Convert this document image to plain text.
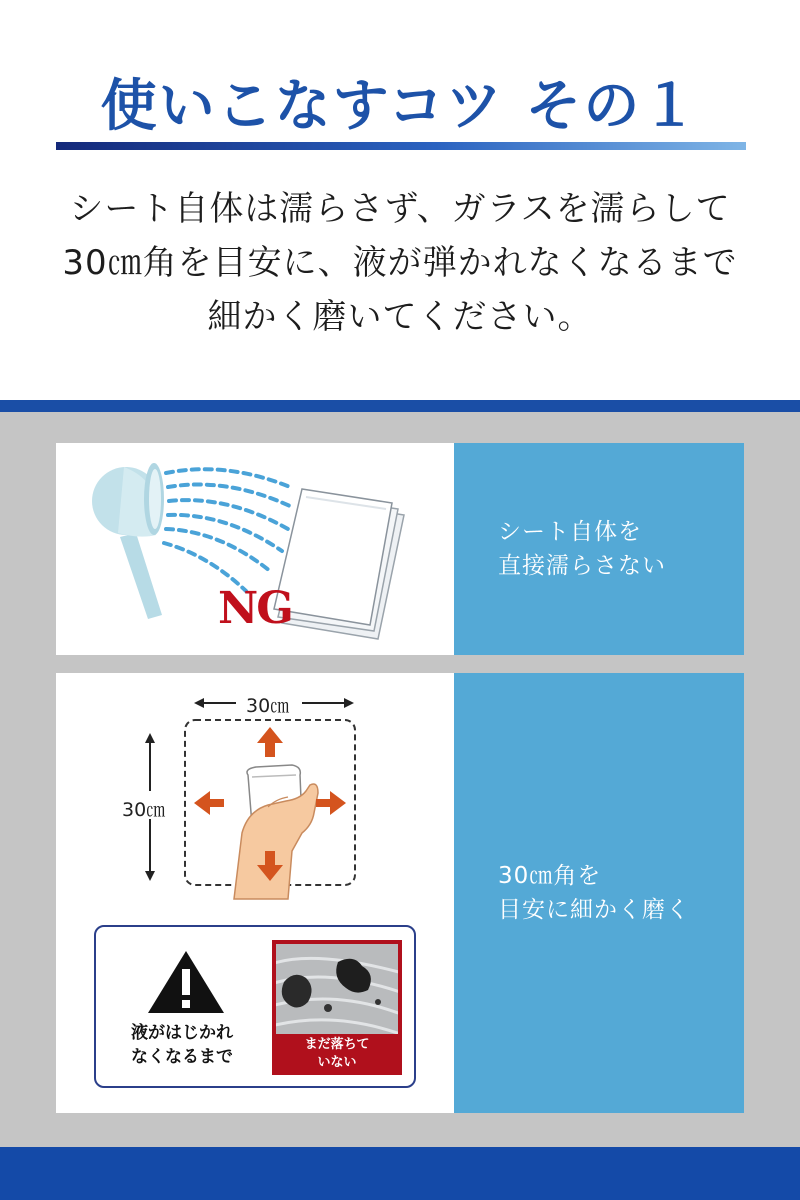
使いこなすコツ その１
シート自体は濡らさず、ガラスを濡らして
30㎝角を目安に、液が弾かれなくなるまで
細かく磨いてください。
NG
シート自体を
直接濡らさない
30㎝
30㎝
液がはじかれ
なくなるまで
まだ落ちて
いない
30㎝角を
目安に細かく磨く
